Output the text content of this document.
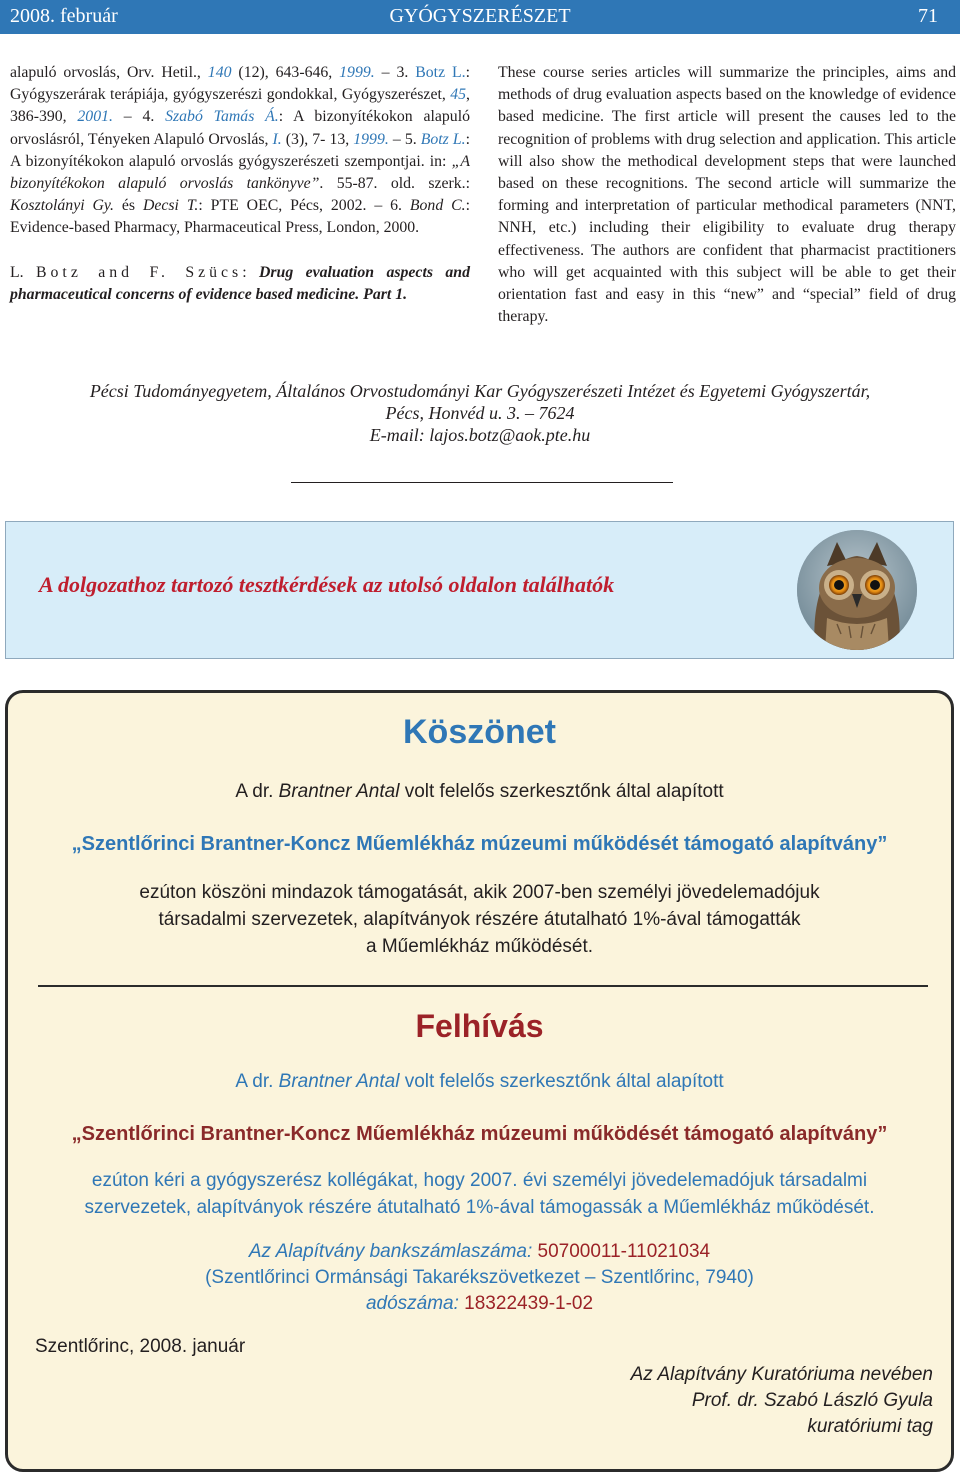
GYÓGYSZERÉSZET
2008. február	71

alapuló orvoslás, Orv. Hetil., 140 (12), 643-646, 1999. – 3. Botz L.: Gyógyszerárak terápiája, gyógyszerészi gondokkal, Gyógyszerészet, 45, 386-390, 2001. – 4. Szabó Tamás Á.: A bizonyítékokon alapuló orvoslásról, Tényeken Alapuló Orvoslás, I. (3), 7- 13, 1999. – 5. Botz L.: A bizonyítékokon alapuló orvoslás gyógyszerészeti szempontjai. in: „A bizonyítékokon alapuló orvoslás tankönyve”. 55-87. old. szerk.: Kosztolányi Gy. és Decsi T.: PTE OEC, Pécs, 2002. – 6. Bond C.: Evidence-based Pharmacy, Pharmaceutical Press, London, 2000.

L. Botz and F. Szücs: Drug evaluation aspects and pharmaceutical concerns of evidence based medicine. Part 1.

These course series articles will summarize the principles, aims and methods of drug evaluation aspects based on the knowledge of evidence based medicine. The first article will present the causes led to the recognition of problems with drug selection and application. This article will also show the methodical development steps that were launched based on these recognitions. The second article will summarize the forming and interpretation of particular methodical parameters (NNT, NNH, etc.) including their eligibility to evaluate drug therapy effectiveness. The authors are confident that pharmacist practitioners who will get acquainted with this subject will be able to get their orientation fast and easy in this “new” and “special” field of drug therapy.

Pécsi Tudományegyetem, Általános Orvostudományi Kar Gyógyszerészeti Intézet és Egyetemi Gyógyszertár,
Pécs, Honvéd u. 3. – 7624
E-mail: lajos.botz@aok.pte.hu
A dolgozathoz tartozó tesztkérdések az utolsó oldalon találhatók
Köszönet
A dr. Brantner Antal volt felelős szerkesztőnk által alapított
„Szentlőrinci Brantner-Koncz Műemlékház múzeumi működését támogató alapítvány”
ezúton köszöni mindazok támogatását, akik 2007-ben személyi jövedelemadójuk
társadalmi szervezetek, alapítványok részére átutalható 1%-ával támogatták
a Műemlékház működését.
Felhívás
A dr. Brantner Antal volt felelős szerkesztőnk által alapított
„Szentlőrinci Brantner-Koncz Műemlékház múzeumi működését támogató alapítvány”
ezúton kéri a gyógyszerész kollégákat, hogy 2007. évi személyi jövedelemadójuk társadalmi
szervezetek, alapítványok részére átutalható 1%-ával támogassák a Műemlékház működését.
Az Alapítvány bankszámlaszáma: 50700011-11021034
(Szentlőrinci Ormánsági Takarékszövetkezet – Szentlőrinc, 7940)
adószáma: 18322439-1-02
Szentlőrinc, 2008. január
Az Alapítvány Kuratóriuma nevében
Prof. dr. Szabó László Gyula
kuratóriumi tag
